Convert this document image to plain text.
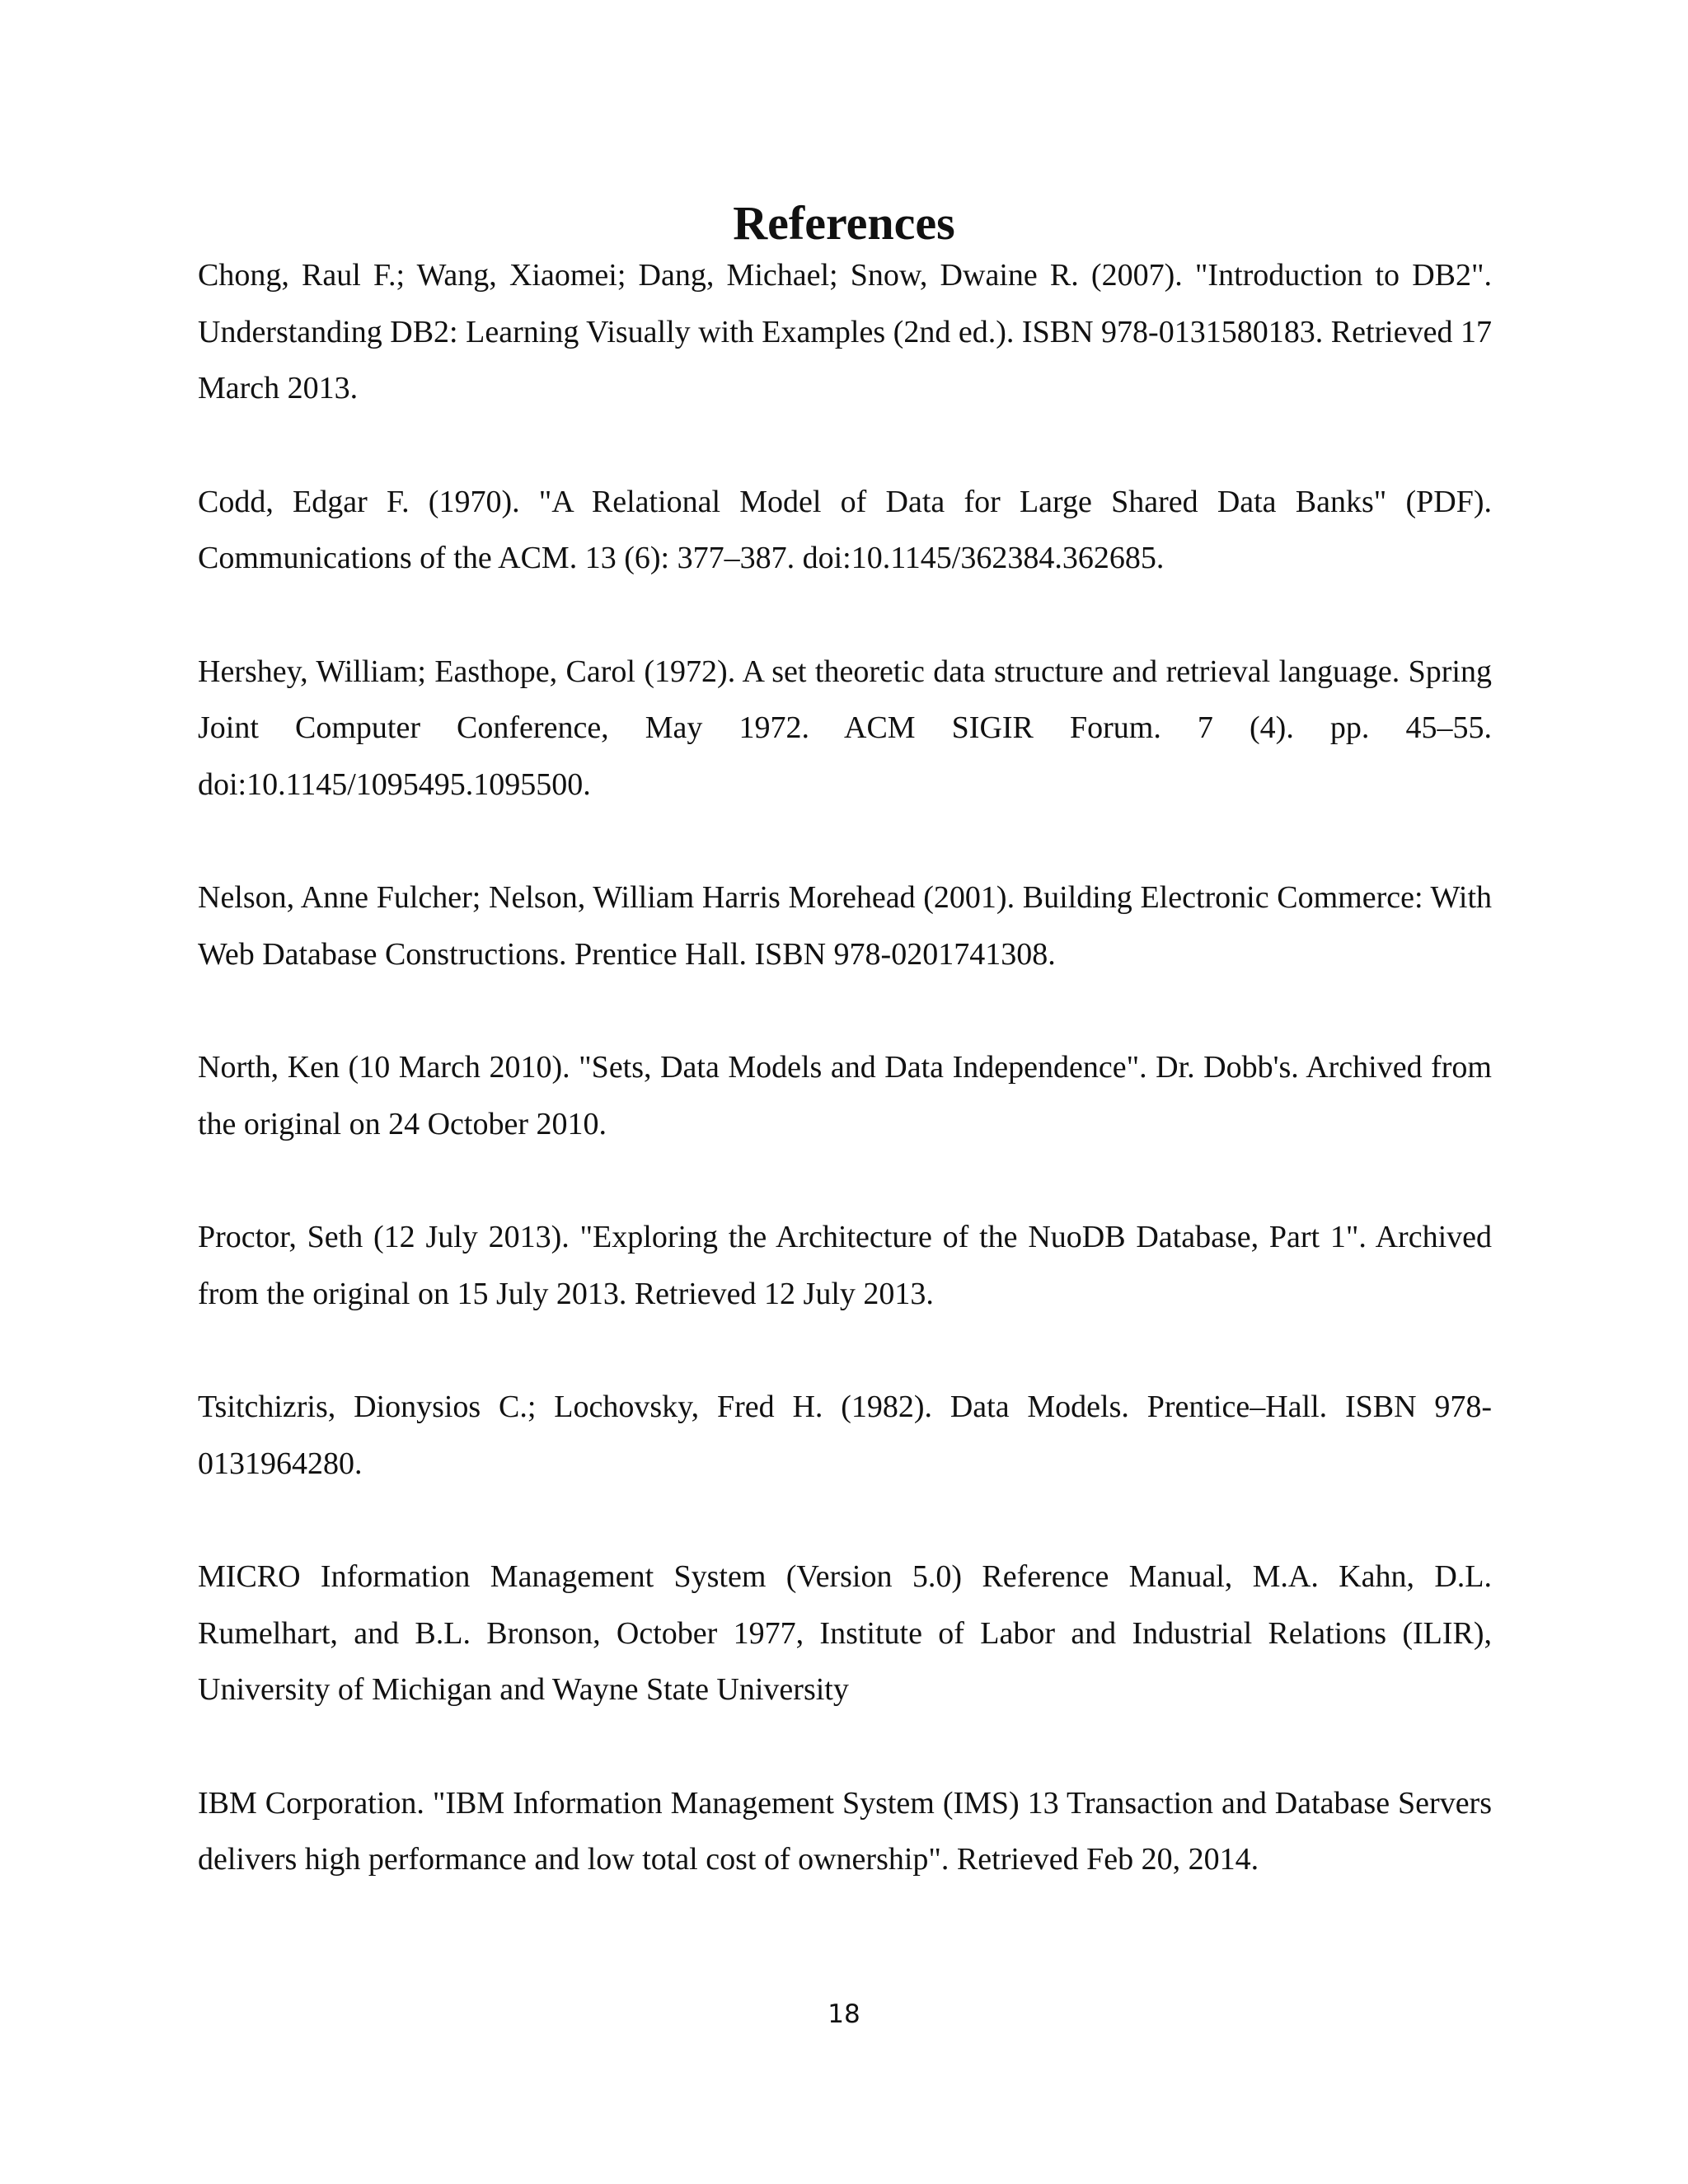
References

Chong, Raul F.; Wang, Xiaomei; Dang, Michael; Snow, Dwaine R. (2007). "Introduction to DB2". Understanding DB2: Learning Visually with Examples (2nd ed.). ISBN 978-0131580183. Retrieved 17 March 2013.

Codd, Edgar F. (1970). "A Relational Model of Data for Large Shared Data Banks" (PDF). Communications of the ACM. 13 (6): 377–387. doi:10.1145/362384.362685.

Hershey, William; Easthope, Carol (1972). A set theoretic data structure and retrieval language. Spring Joint Computer Conference, May 1972. ACM SIGIR Forum. 7 (4). pp. 45–55. doi:10.1145/1095495.1095500.

Nelson, Anne Fulcher; Nelson, William Harris Morehead (2001). Building Electronic Commerce: With Web Database Constructions. Prentice Hall. ISBN 978-0201741308.

North, Ken (10 March 2010). "Sets, Data Models and Data Independence". Dr. Dobb's. Archived from the original on 24 October 2010.

Proctor, Seth (12 July 2013). "Exploring the Architecture of the NuoDB Database, Part 1". Archived from the original on 15 July 2013. Retrieved 12 July 2013.

Tsitchizris, Dionysios C.; Lochovsky, Fred H. (1982). Data Models. Prentice–Hall. ISBN 978-0131964280.

MICRO Information Management System (Version 5.0) Reference Manual, M.A. Kahn, D.L. Rumelhart, and B.L. Bronson, October 1977, Institute of Labor and Industrial Relations (ILIR), University of Michigan and Wayne State University

IBM Corporation. "IBM Information Management System (IMS) 13 Transaction and Database Servers delivers high performance and low total cost of ownership". Retrieved Feb 20, 2014.

18
